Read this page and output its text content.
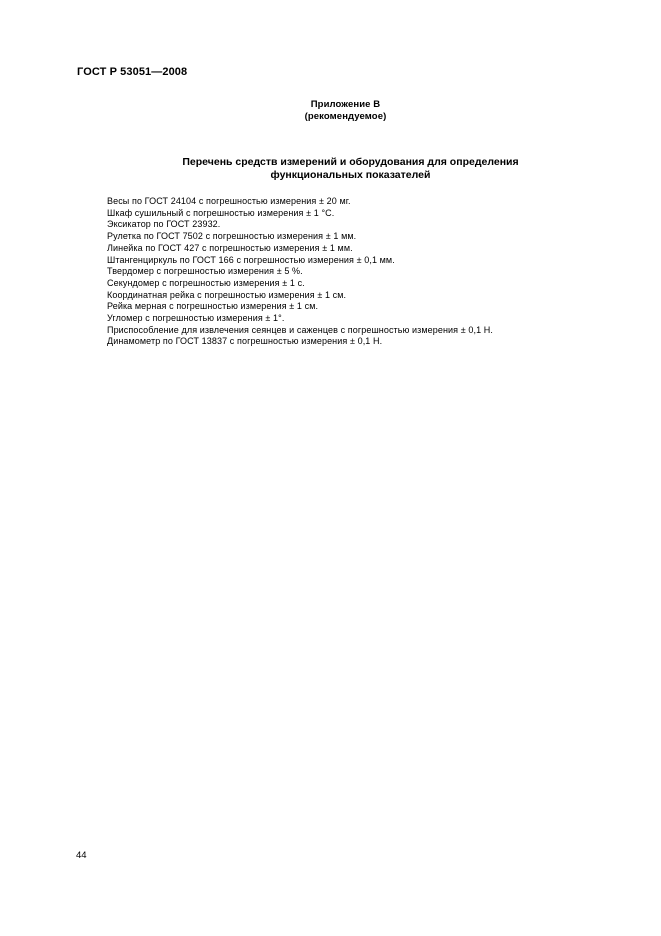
ГОСТ Р 53051—2008
Приложение В
(рекомендуемое)
Перечень средств измерений и оборудования для определения
функциональных показателей
Весы по ГОСТ 24104 с погрешностью измерения ± 20 мг.
Шкаф сушильный с погрешностью измерения ± 1 °С.
Эксикатор по ГОСТ 23932.
Рулетка по ГОСТ 7502 с погрешностью измерения ± 1 мм.
Линейка по ГОСТ 427 с погрешностью измерения ± 1 мм.
Штангенциркуль по ГОСТ 166 с погрешностью измерения ± 0,1 мм.
Твердомер с погрешностью измерения ± 5 %.
Секундомер с погрешностью измерения ± 1 с.
Координатная рейка с погрешностью измерения ± 1 см.
Рейка мерная с погрешностью измерения ± 1 см.
Угломер с погрешностью измерения ± 1°.
Приспособление для извлечения сеянцев и саженцев с погрешностью измерения ± 0,1 Н.
Динамометр по ГОСТ 13837 с погрешностью измерения ± 0,1 Н.
44
